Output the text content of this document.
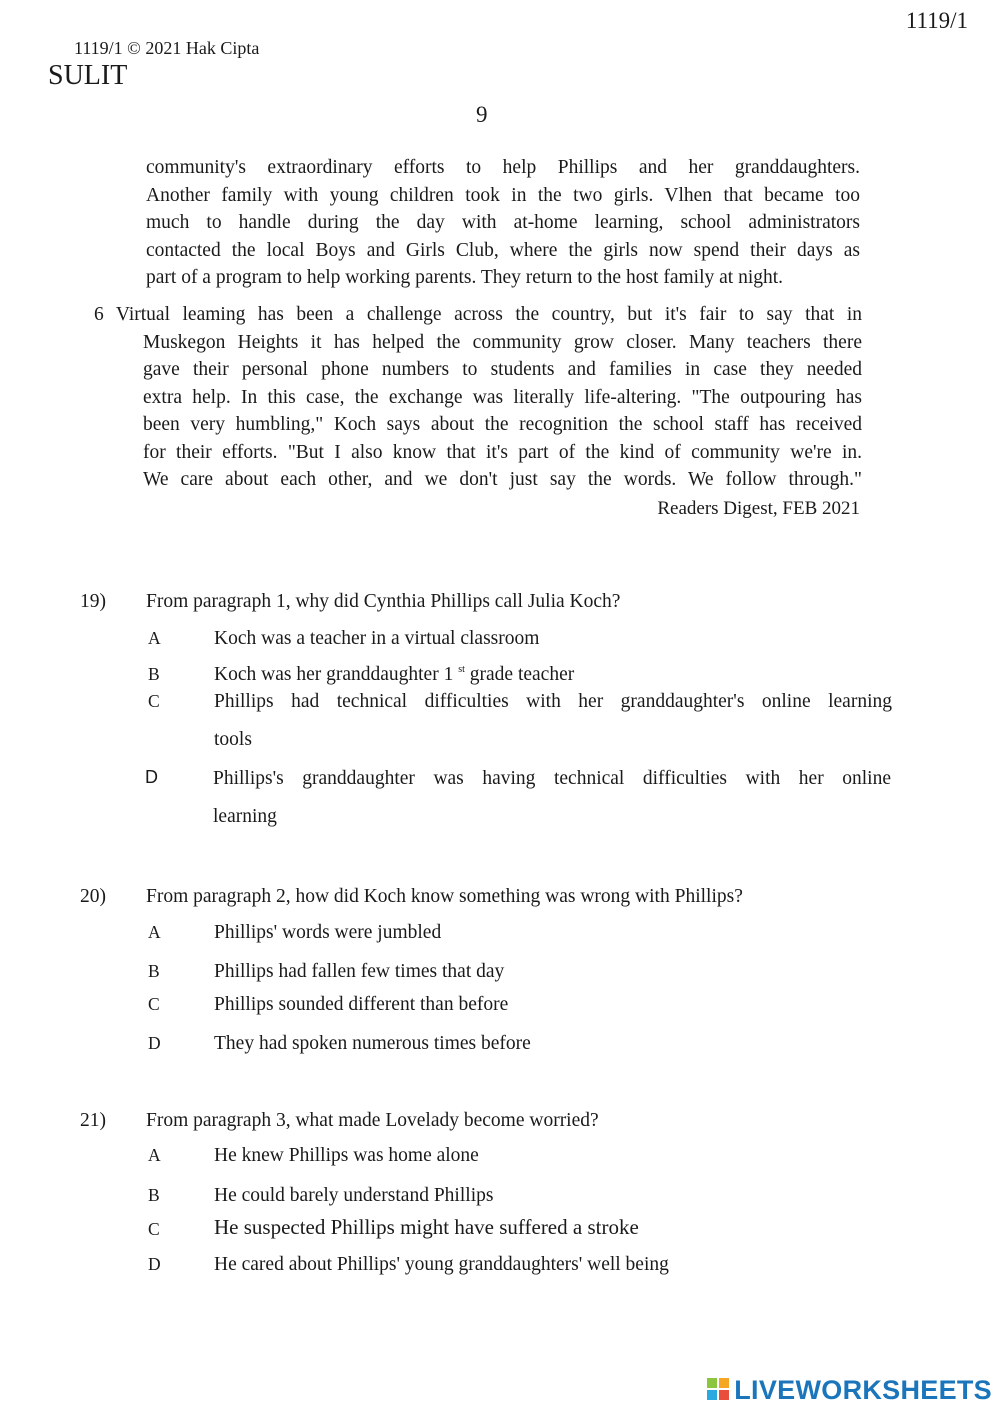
1119/1
1119/1 © 2021 Hak Cipta
SULIT
9
community's extraordinary efforts to help Phillips and her granddaughters.
Another family with young children took in the two girls. Vlhen that became too
much to handle during the day with at-home learning, school administrators
contacted the local Boys and Girls Club, where the girls now spend their days as
part of a program to help working parents. They return to the host family at night.
6 Virtual leaming has been a challenge across the country, but it's fair to say that in
Muskegon Heights it has helped the community grow closer. Many teachers there
gave their personal phone numbers to students and families in case they needed
extra help. In this case, the exchange was literally life-altering. "The outpouring has
been very humbling," Koch says about the recognition the school staff has received
for their efforts. "But I also know that it's part of the kind of community we're in.
We care about each other, and we don't just say the words. We follow through."
Readers Digest, FEB 2021
19) From paragraph 1, why did Cynthia Phillips call Julia Koch?
A	Koch was a teacher in a virtual classroom
B	Koch was her granddaughter 1 $^{st}$ grade teacher
C	Phillips had technical difficulties with her granddaughter's online learning
tools
D	Phillips's granddaughter was having technical difficulties with her online
learning
20) From paragraph 2, how did Koch know something was wrong with Phillips?
A	Phillips' words were jumbled
B	Phillips had fallen few times that day
C	Phillips sounded different than before
D	They had spoken numerous times before
21) From paragraph 3, what made Lovelady become worried?
A	He knew Phillips was home alone
B	He could barely understand Phillips
C	He suspected Phillips might have suffered a stroke
D	He cared about Phillips' young granddaughters' well being
LIVEWORKSHEETS
